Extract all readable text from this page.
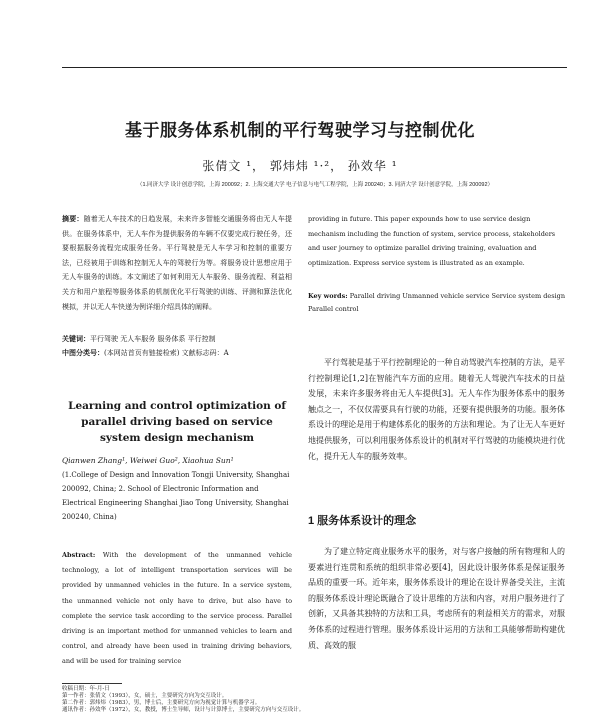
基于服务体系机制的平行驾驶学习与控制优化
张倩文 ¹， 郭炜炜 ¹·²， 孙效华 ¹
（1.同济大学 设计创意学院，上海 200092；2. 上海交通大学 电子信息与电气工程学院，上海 200240；3. 同济大学 设计创意学院，上海 200092）
摘要：随着无人车技术的日趋发展，未来许多智能交通服务将由无人车提供。在服务体系中，无人车作为提供服务的车辆不仅要完成行驶任务，还要根据服务流程完成服务任务。平行驾驶是无人车学习和控制的重要方法，已经被用于训练和控制无人车的驾驶行为等。将服务设计思想应用于无人车服务的训练。本文阐述了如何利用无人车服务、服务流程、利益相关方和用户旅程等服务体系的机制优化平行驾驶的训练、评测和算法优化模拟，并以无人车快递为例详细介绍具体的阐释。

关键词：平行驾驶 无人车服务 服务体系 平行控制

中图分类号：(本网站首页有链接检索) 文献标志码：A

providing in future. This paper expounds how to use service design mechanism including the function of system, service process, stakeholders and user journey to optimize parallel driving training, evaluation and optimization. Express service system is illustrated as an example.
Key words: Parallel driving Unmanned vehicle service Service system design Parallel control
Learning and control optimization of parallel driving based on service system design mechanism

Qianwen Zhang¹, Weiwei Guo², Xiaohua Sun¹

(1.College of Design and Innovation Tongji University, Shanghai 200092, China; 2. School of Electronic Information and Electrical Engineering Shanghai Jiao Tong University, Shanghai 200240, China)

Abstract: With the development of the unmanned vehicle technology, a lot of intelligent transportation services will be provided by unmanned vehicles in the future. In a service system, the unmanned vehicle not only have to drive, but also have to complete the service task according to the service process. Parallel driving is an important method for unmanned vehicles to learn and control, and already have been used in training driving behaviors, and will be used for training service

平行驾驶是基于平行控制理论的一种自动驾驶汽车控制的方法，是平行控制理论[1,2]在智能汽车方面的应用。随着无人驾驶汽车技术的日益发展，未来许多服务将由无人车提供[3]。无人车作为服务体系中的服务触点之一，不仅仅需要具有行驶的功能，还要有提供服务的功能。服务体系设计的理论是用于构建体系化的服务的方法和理论。为了让无人车更好地提供服务，可以利用服务体系设计的机制对平行驾驶的功能模块进行优化，提升无人车的服务效率。

1 服务体系设计的理念

为了建立特定商业服务水平的服务，对与客户接触的所有物理和人的要素进行连贯和系统的组织非常必要[4]，因此设计服务体系是保证服务品质的重要一环。近年来，服务体系设计的理论在设计界备受关注，主流的服务体系设计理论既融合了设计思维的方法和内容，对用户服务进行了创新，又具备其独特的方法和工具，考虑所有的利益相关方的需求，对服务体系的过程进行管理。服务体系设计运用的方法和工具能够帮助构建优质、高效的服

收稿日期：年-月-日

第一作者：张倩文（1993），女，硕士，主要研究方向为交互设计。

第二作者：郭炜炜（1983），男，博士后，主要研究方向为视觉计算与机器学习。

通讯作者：孙效华（1972），女，教授，博士生导师，设计与计算博士，主要研究方向与交互设计。
